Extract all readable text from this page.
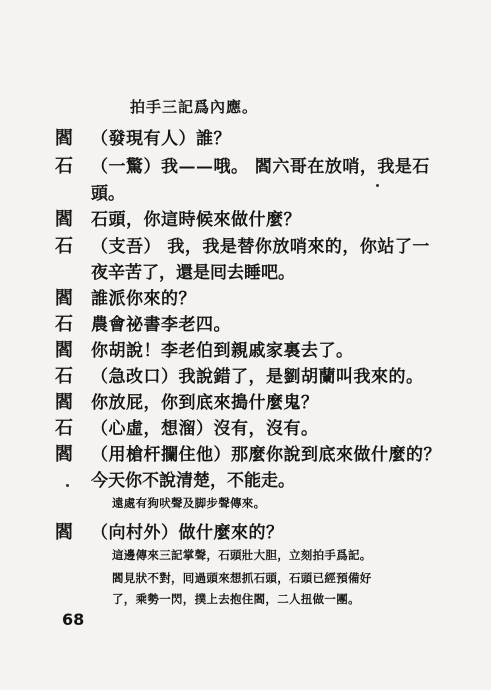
拍手三記爲內應。
閻 （發現有人）誰？
石 （一驚）我——哦。 閻六哥在放哨，我是石
頭。
閻 石頭，你這時候來做什麼？
石 （支吾） 我，我是替你放哨來的，你站了一
夜辛苦了，還是囘去睡吧。
閻 誰派你來的？
石 農會祕書李老四。
閻 你胡說！李老伯到親戚家裏去了。
石 （急改口）我說錯了，是劉胡蘭叫我來的。
閻 你放屁，你到底來搗什麼鬼？
石 （心虛，想溜）沒有，沒有。
閻 （用槍杆攔住他）那麼你說到底來做什麼的？
今天你不說清楚，不能走。
遠處有狗吠聲及脚步聲傳來。
閻 （向村外）做什麼來的？
這邊傳來三記掌聲，石頭壯大胆，立刻拍手爲記。
閻見狀不對，囘過頭來想抓石頭，石頭已經預備好
了，乘勢一閃，撲上去抱住閻，二人扭做一團。
68
